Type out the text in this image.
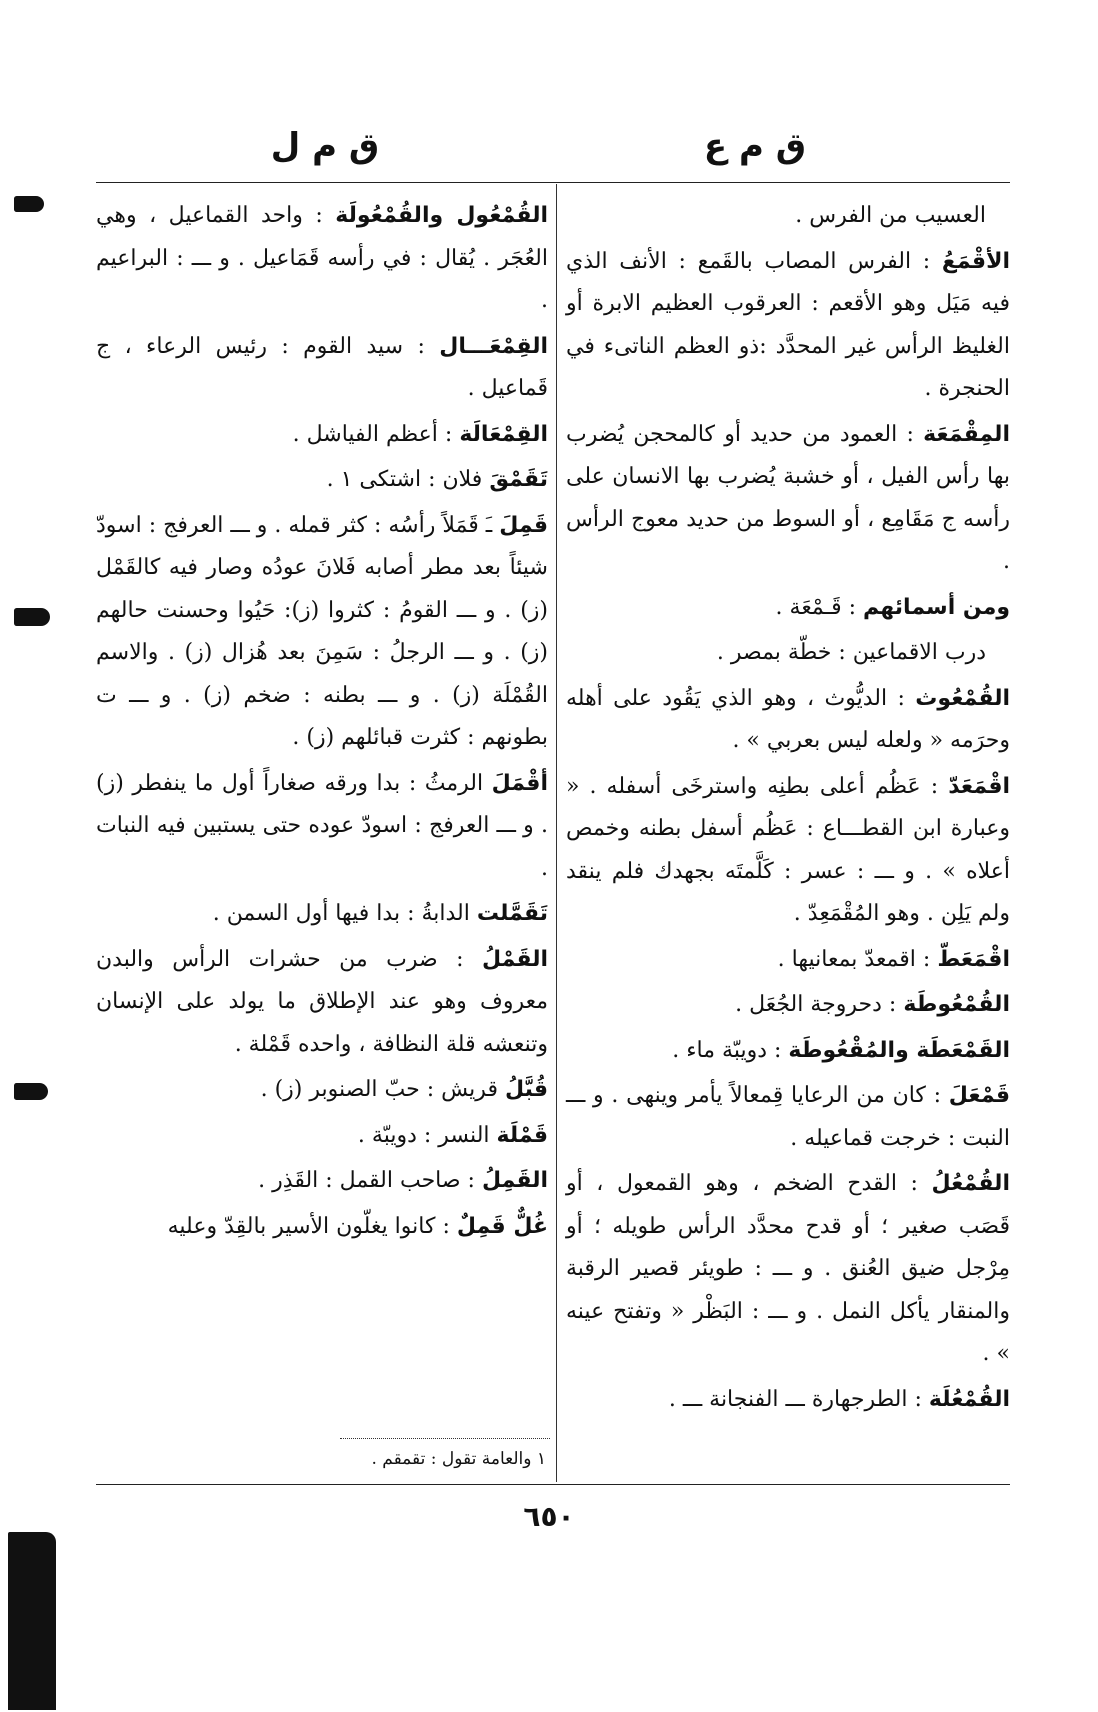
ق م ع
ق م ل
العسيب من الفرس .
الأقْمَعُ : الفرس المصاب بالقَمع : الأنف الذي فيه مَيَل وهو الأقعم : العرقوب العظيم الابرة أو الغليظ الرأس غير المحدَّد :ذو العظم الناتىء في الحنجرة .
المِقْمَعَة : العمود من حديد أو كالمحجن يُضرب بها رأس الفيل ، أو خشبة يُضرب بها الانسان على رأسه ج مَقَامِع ، أو السوط من حديد معوج الرأس .
ومن أسمائهم : قَـمْعَة .
درب الاقماعين : خطّة بمصر .
القُمْعُوث : الديُّوث ، وهو الذي يَقُود على أهله وحرَمه « ولعله ليس بعربي » .
اقْمَعَدّ : عَظُم أعلى بطنِه واسترخَى أسفله . « وعبارة ابن القطـــاع : عَظُم أسفل بطنه وخمص أعلاه » . و ـــ : عسر : كَلَّمتَه بجهدك فلم ينقد ولم يَلِن . وهو المُقْمَعِدّ .
اقْمَعَطّ : اقمعدّ بمعانيها .
القُمْعُوطَة : دحروجة الجُعَل .
القَمْعَطَة والمُقْعُوطَة : دويبّة ماء .
قَمْعَلَ : كان من الرعايا قِمعالاً يأمر وينهى . و ـــ النبت : خرجت قماعيله .
القُمْعُلُ : القدح الضخم ، وهو القمعول ، أو قَصَب صغير ؛ أو قدح محدَّد الرأس طويله ؛ أو مِرْجل ضيق العُنق . و ـــ : طويئر قصير الرقبة والمنقار يأكل النمل . و ـــ : البَظْر « وتفتح عينه » .
القُمْعُلَة : الطرجهارة ـــ الفنجانة ـــ .
القُمْعُول والقُمْعُولَة : واحد القماعيل ، وهي العُجَر . يُقال : في رأسه قَمَاعيل . و ـــ : البراعيم .
القِمْعَـــال : سيد القوم : رئيس الرعاء ، ج قَماعيل .
القِمْعَالَة : أعظم الفياشل .
تَقَمْقَ فلان : اشتكى ١ .
قَمِلَ ـَ قَمَلاً رأسُه : كثر قمله . و ـــ العرفج : اسودّ شيئاً بعد مطر أصابه فَلانَ عودُه وصار فيه كالقَمْل (ز) . و ـــ القومُ : كثروا (ز): حَيُوا وحسنت حالهم (ز) . و ـــ الرجلُ : سَمِنَ بعد هُزال (ز) . والاسم القُمْلَة (ز) . و ـــ بطنه : ضخم (ز) . و ـــ ت بطونهم : كثرت قبائلهم (ز) .
أقْمَلَ الرمثُ : بدا ورقه صغاراً أول ما ينفطر (ز) . و ـــ العرفج : اسودّ عوده حتى يستبين فيه النبات .
تَقَمَّلت الدابةُ : بدا فيها أول السمن .
القَمْلُ : ضرب من حشرات الرأس والبدن معروف وهو عند الإطلاق ما يولد على الإنسان وتنعشه قلة النظافة ، واحده قَمْلة .
قُبَّلُ قريش : حبّ الصنوبر (ز) .
قَمْلَة النسر : دويبّة .
القَمِلُ : صاحب القمل : القَذِر .
غُلٌّ قَمِلٌ : كانوا يغلّون الأسير بالقِدّ وعليه
١ والعامة تقول : تقمقم .
٦٥٠
